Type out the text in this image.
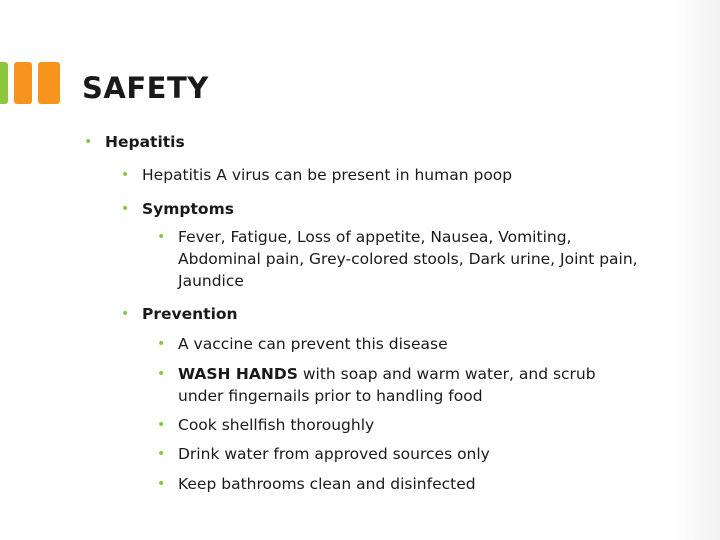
SAFETY
• Hepatitis
• Hepatitis A virus can be present in human poop
• Symptoms
• Fever, Fatigue, Loss of appetite, Nausea, Vomiting, Abdominal pain, Grey-colored stools, Dark urine, Joint pain, Jaundice
• Prevention
• A vaccine can prevent this disease
• WASH HANDS with soap and warm water, and scrub under fingernails prior to handling food
• Cook shellfish thoroughly
• Drink water from approved sources only
• Keep bathrooms clean and disinfected
